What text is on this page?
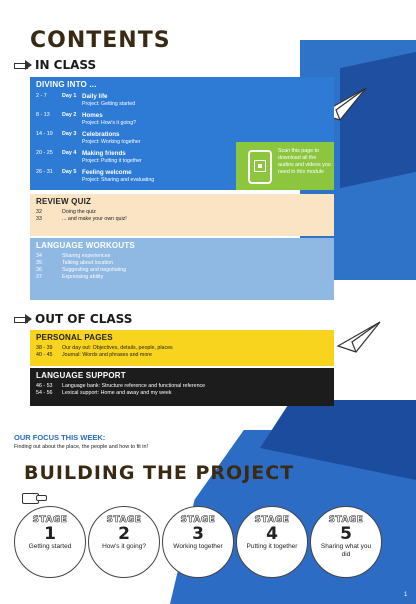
CONTENTS
IN CLASS
DIVING INTO ...
2 - 7	Day 1 Daily life
Project: Getting started
8 - 13	Day 2 Homes
Project: How's it going?
14 - 19	Day 3 Celebrations
Project: Working together
20 - 25	Day 4 Making friends
Project: Putting it together
26 - 31	Day 5 Feeling welcome
Project: Sharing and evaluating
Scan this page to download all the audios and videos you need in this module
REVIEW QUIZ
32	Doing the quiz
33	... and make your own quiz!
LANGUAGE WORKOUTS
34	Sharing experiences
35	Talking about location
36	Suggesting and negotiating
37	Expressing ability
OUT OF CLASS
PERSONAL PAGES
38 - 39	Our day out: Objectives, details, people, places
40 - 45	Journal: Words and phrases and more
LANGUAGE SUPPORT
46 - 53	Language bank: Structure reference and functional reference
54 - 56	Lexical support: Home and away and my week
OUR FOCUS THIS WEEK:
Finding out about the place, the people and how to fit in!
BUILDING THE PROJECT
STAGE
1
Getting started
STAGE
2
How's it going?
STAGE
3
Working together
STAGE
4
Putting it together
STAGE
5
Sharing what you did
1
